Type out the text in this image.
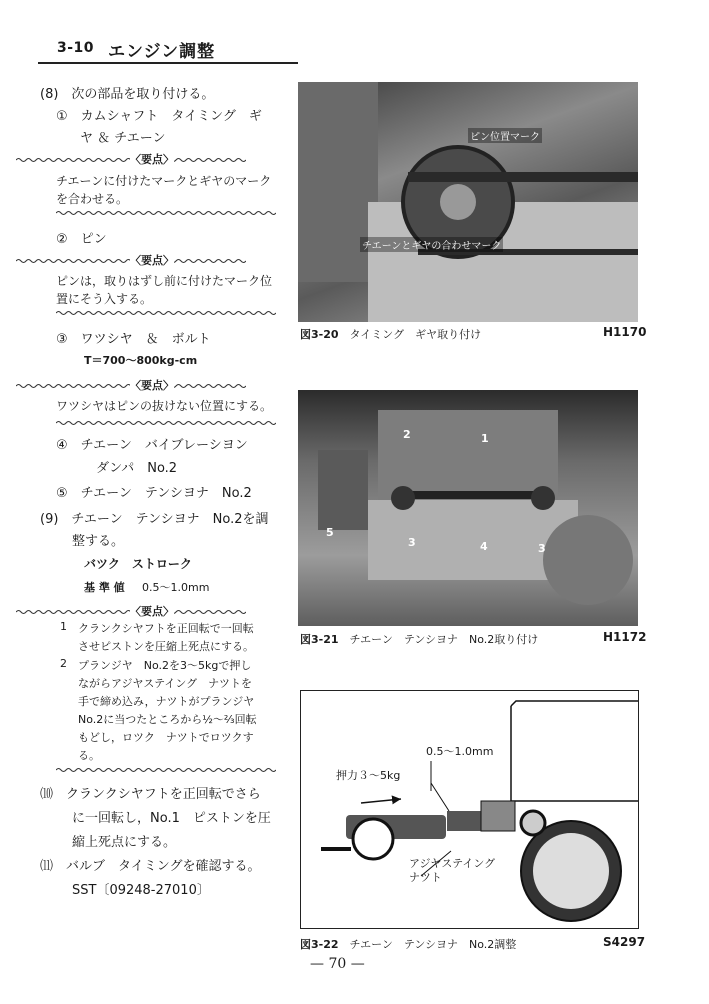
3-10 エンジン調整
(8)　次の部品を取り付ける。
①　カムシャフト　タイミング　ギ
ヤ ＆ チエーン
〈要点〉
チエーンに付けたマークとギヤのマーク
を合わせる。
②　ピン
〈要点〉
ピンは，取りはずし前に付けたマーク位
置にそう入する。
③　ワツシヤ　＆　ボルト
T＝700～800kg-cm
〈要点〉
ワツシヤはピンの抜けない位置にする。
④　チエーン　バイブレーシヨン
ダンパ　No.2
⑤　チエーン　テンシヨナ　No.2
(9)　チエーン　テンシヨナ　No.2を調
整する。
バツク　ストローク
基 準 値 0.5～1.0mm
〈要点〉
1 クランクシヤフトを正回転で一回転
させピストンを圧縮上死点にする。
2 プランジヤ　No.2を3～5kgで押し
ながらアジヤステイング　ナツトを
手で締め込み，ナツトがプランジヤ
No.2に当つたところから½～⅔回転
もどし，ロツク　ナツトでロツクす
る。
⑽　クランクシヤフトを正回転でさら
に一回転し，No.1　ピストンを圧
縮上死点にする。
⑾　バルブ　タイミングを確認する。
SST〔09248-27010〕
ピン位置マーク
チエーンとギヤの合わせマーク
図3-20　 タイミング　ギヤ取り付け	H1170
2	1
3	4	3
5
図3-21　 チエーン　テンシヨナ　No.2取り付け	H1172
0.5～1.0mm
押力３～5kg
アジヤステイング
ナツト
図3-22　 チエーン　テンシヨナ　No.2調整	S4297
— 70 —
